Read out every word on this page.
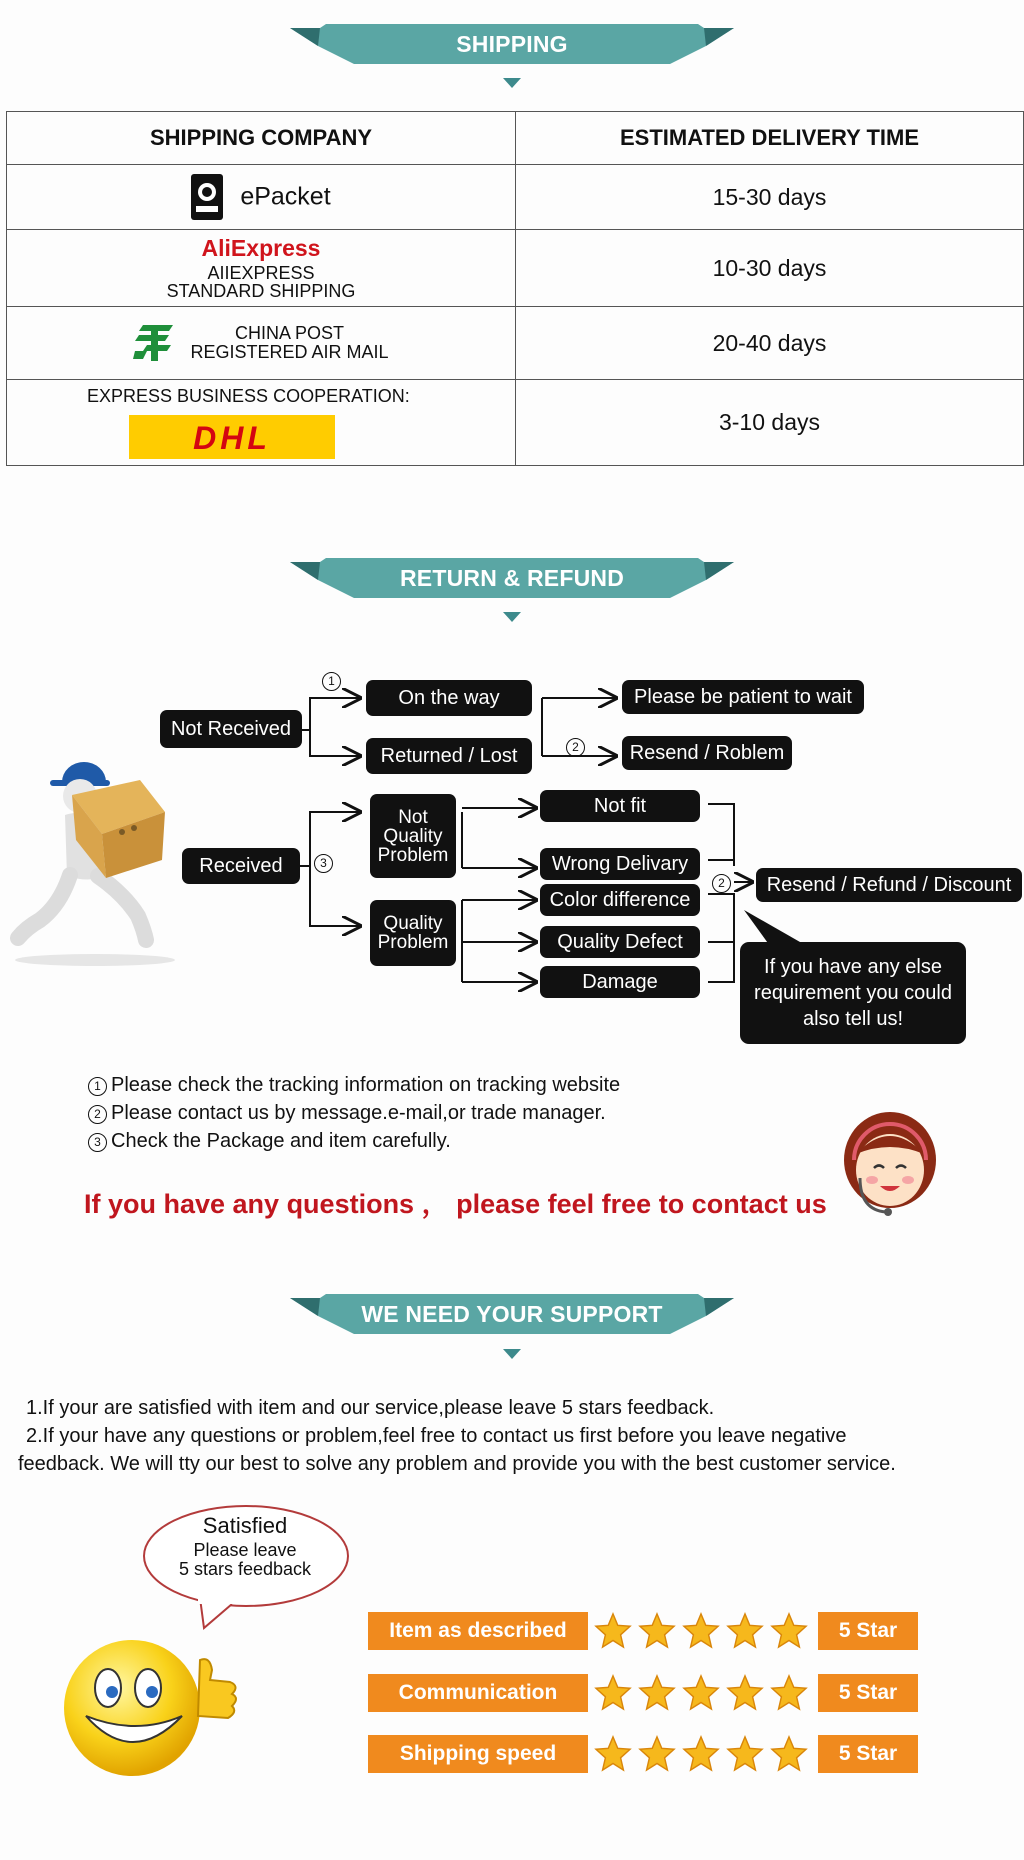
SHIPPING
SHIPPING COMPANY	ESTIMATED DELIVERY TIME

ePacket	15-30 days

AliExpress
AIIEXPRESS
STANDARD SHIPPING	10-30 days

CHINA POST
REGISTERED AIR MAIL	20-40 days

EXPRESS BUSINESS COOPERATION:
DHL	3-10 days
RETURN & REFUND
1
2
3
2
Not Received
On the way
Returned / Lost
Please be patient to wait
Resend / Roblem
Received
Not
Quality
Problem
Quality
Problem
Not fit
Wrong Delivary
Color difference
Quality Defect
Damage
Resend / Refund / Discount
If you have any else
requirement you could
also tell us!
1 Please check the tracking information on tracking website
2 Please contact us by message.e-mail,or trade manager.
3 Check the Package and item carefully.
If you have any questions ， please feel free to contact us
WE NEED YOUR SUPPORT

1.If your are satisfied with item and our service,please leave 5 stars feedback.

2.If your have any questions or problem,feel free to contact us first before you leave negative

feedback. We will tty our best to solve any problem and provide you with the best customer service.

Satisfied
Please leave
5 stars feedback
Item as described	5 Star
Communication	5 Star
Shipping speed	5 Star
